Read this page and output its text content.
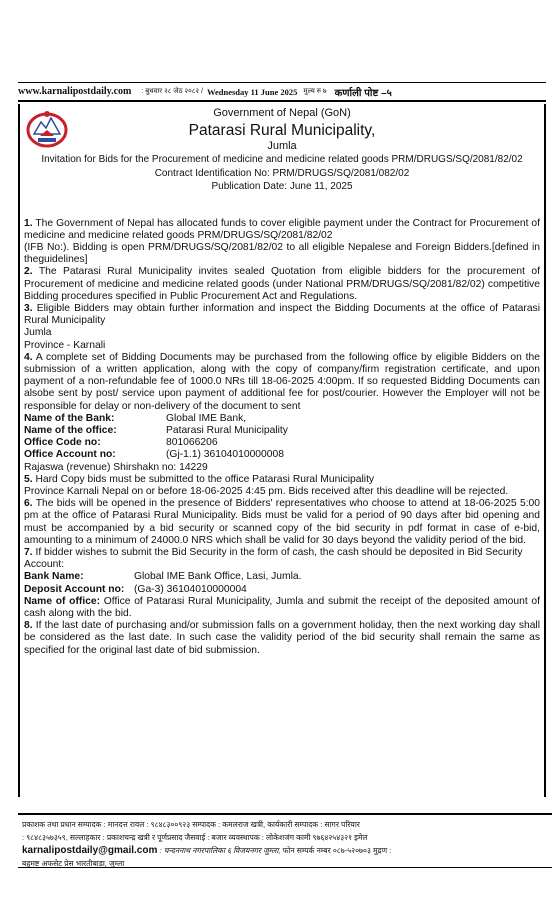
www.karnalipostdaily.com : बुधवार २८ जेठ २०८२ / Wednesday 11 June 2025 मुल्य रु ७ कर्णाली पोष्ट –५
Government of Nepal (GoN)
Patarasi Rural Municipality,
Jumla
Invitation for Bids for the Procurement of medicine and medicine related goods PRM/DRUGS/SQ/2081/82/02
Contract Identification No: PRM/DRUGS/SQ/2081/082/02
Publication Date: June 11, 2025

1. The Government of Nepal has allocated funds to cover eligible payment under the Contract for Procurement of medicine and medicine related goods PRM/DRUGS/SQ/2081/82/02

(IFB No:). Bidding is open PRM/DRUGS/SQ/2081/82/02 to all eligible Nepalese and Foreign Bidders.[defined in theguidelines]

2. The Patarasi Rural Municipality invites sealed Quotation from eligible bidders for the procurement of Procurement of medicine and medicine related goods (under National PRM/DRUGS/SQ/2081/82/02) competitive Bidding procedures specified in Public Procurement Act and Regulations.

3. Eligible Bidders may obtain further information and inspect the Bidding Documents at the office of Patarasi Rural Municipality

Jumla

Province - Karnali

4. A complete set of Bidding Documents may be purchased from the following office by eligible Bidders on the submission of a written application, along with the copy of company/firm registration certificate, and upon payment of a non-refundable fee of 1000.0 NRs till 18-06-2025 4:00pm. If so requested Bidding Documents can alsobe sent by post/ service upon payment of additional fee for post/courier. However the Employer will not be responsible for delay or non-delivery of the document to sent

Name of the Bank:	Global IME Bank,
Name of the office:	Patarasi Rural Municipality
Office Code no:	801066206
Office Account no:	(Gj-1.1) 36104010000008

Rajaswa (revenue) Shirshakn no: 14229

5. Hard Copy bids must be submitted to the office Patarasi Rural Municipality

Province Karnali Nepal on or before 18-06-2025 4:45 pm. Bids received after this deadline will be rejected.

6. The bids will be opened in the presence of Bidders' representatives who choose to attend at 18-06-2025 5:00 pm at the office of Patarasi Rural Municipality. Bids must be valid for a period of 90 days after bid opening and must be accompanied by a bid security or scanned copy of the bid security in pdf format in case of e-bid, amounting to a minimum of 24000.0 NRS which shall be valid for 30 days beyond the validity period of the bid.

7. If bidder wishes to submit the Bid Security in the form of cash, the cash should be deposited in Bid Security

Account:

Bank Name:	Global IME Bank Office, Lasi, Jumla.
Deposit Account no: (Ga-3) 36104010000004

Name of office: Office of Patarasi Rural Municipality, Jumla and submit the receipt of the deposited amount of cash along with the bid.

8. If the last date of purchasing and/or submission falls on a government holiday, then the next working day shall be considered as the last date. In such case the validity period of the bid security shall remain the same as specified for the original last date of bid submission.

प्रकाशक तथा प्रधान सम्पादक : मानदत्त रावल : ९८४८३००९२३ सम्पादक : कमलराज खत्री, कार्यकारी सम्पादक : सागर परियार
: ९८४८३५७३५९, सल्लाहकार : प्रकाशचन्द्र खत्री र पूर्णप्रसाद जैसवाई : बजार व्यवस्थापक : लोकेशजंग कामी ९७६४२५४३२१ इमेल
karnalipostdaily@gmail.com : चन्दननाथ नगरपालिका ६ विजयनगर जुम्ला, फोन सम्पर्क नम्बर ०८७-५२०७०३ मुद्रण :
बहुमष्ट अफसेट प्रेस भारतीबाडा, जुम्ला
